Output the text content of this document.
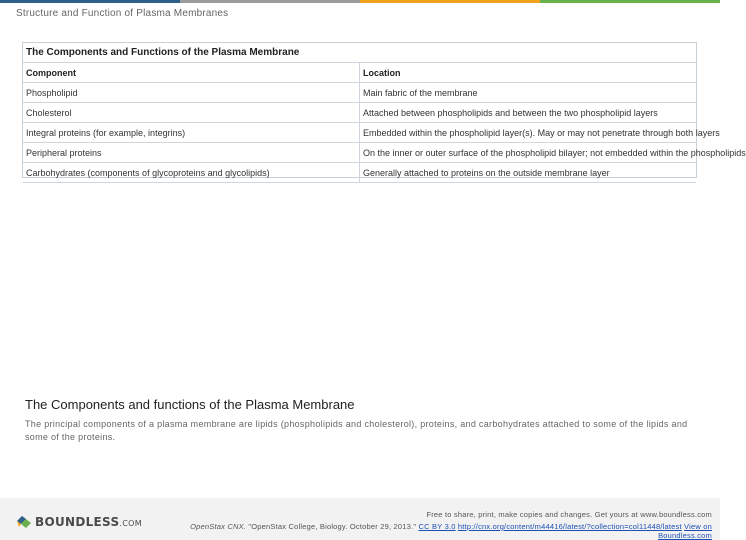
Structure and Function of Plasma Membranes
The Components and Functions of the Plasma Membrane	
Component	Location
Phospholipid	Main fabric of the membrane
Cholesterol	Attached between phospholipids and between the two phospholipid layers
Integral proteins (for example, integrins)	Embedded within the phospholipid layer(s). May or may not penetrate through both layers
Peripheral proteins	On the inner or outer surface of the phospholipid bilayer; not embedded within the phospholipids
Carbohydrates (components of glycoproteins and glycolipids)	Generally attached to proteins on the outside membrane layer
The Components and functions of the Plasma Membrane
The principal components of a plasma membrane are lipids (phospholipids and cholesterol), proteins, and carbohydrates attached to some of the lipids and some of the proteins.
BOUNDLESS.COM
Free to share, print, make copies and changes. Get yours at www.boundless.com
OpenStax CNX. "OpenStax College, Biology. October 29, 2013." CC BY 3.0 http://cnx.org/content/m44416/latest/?collection=col11448/latest View on
Boundless.com
